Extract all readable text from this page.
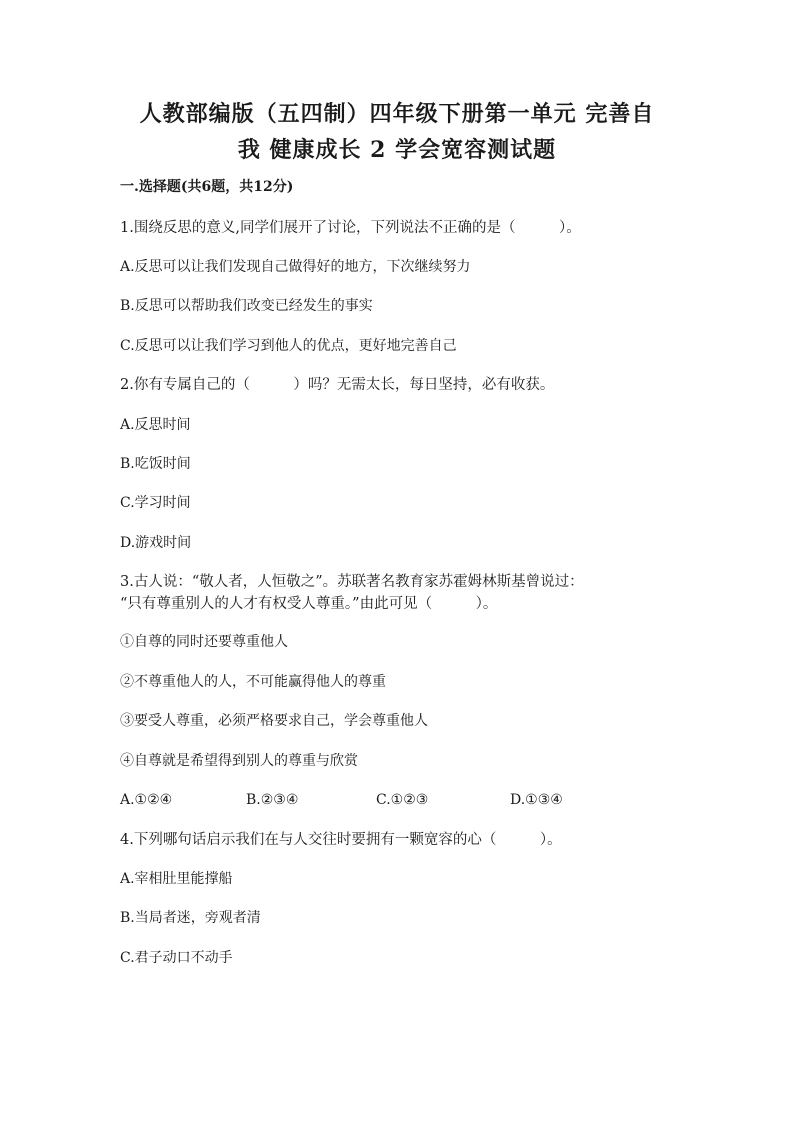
人教部编版（五四制）四年级下册第一单元 完善自
我 健康成长 2 学会宽容测试题
一.选择题(共6题，共12分)
1.围绕反思的意义,同学们展开了讨论，下列说法不正确的是（　　　）。
A.反思可以让我们发现自己做得好的地方，下次继续努力
B.反思可以帮助我们改变已经发生的事实
C.反思可以让我们学习到他人的优点，更好地完善自己
2.你有专属自己的（　　　）吗？无需太长，每日坚持，必有收获。
A.反思时间
B.吃饭时间
C.学习时间
D.游戏时间
3.古人说：“敬人者，人恒敬之”。苏联著名教育家苏霍姆林斯基曾说过：
“只有尊重别人的人才有权受人尊重。”由此可见（　　　）。
①自尊的同时还要尊重他人
②不尊重他人的人，不可能赢得他人的尊重
③要受人尊重，必须严格要求自己，学会尊重他人
④自尊就是希望得到别人的尊重与欣赏
A.①②④	B.②③④	C.①②③	D.①③④
4.下列哪句话启示我们在与人交往时要拥有一颗宽容的心（　　　）。
A.宰相肚里能撑船
B.当局者迷，旁观者清
C.君子动口不动手
